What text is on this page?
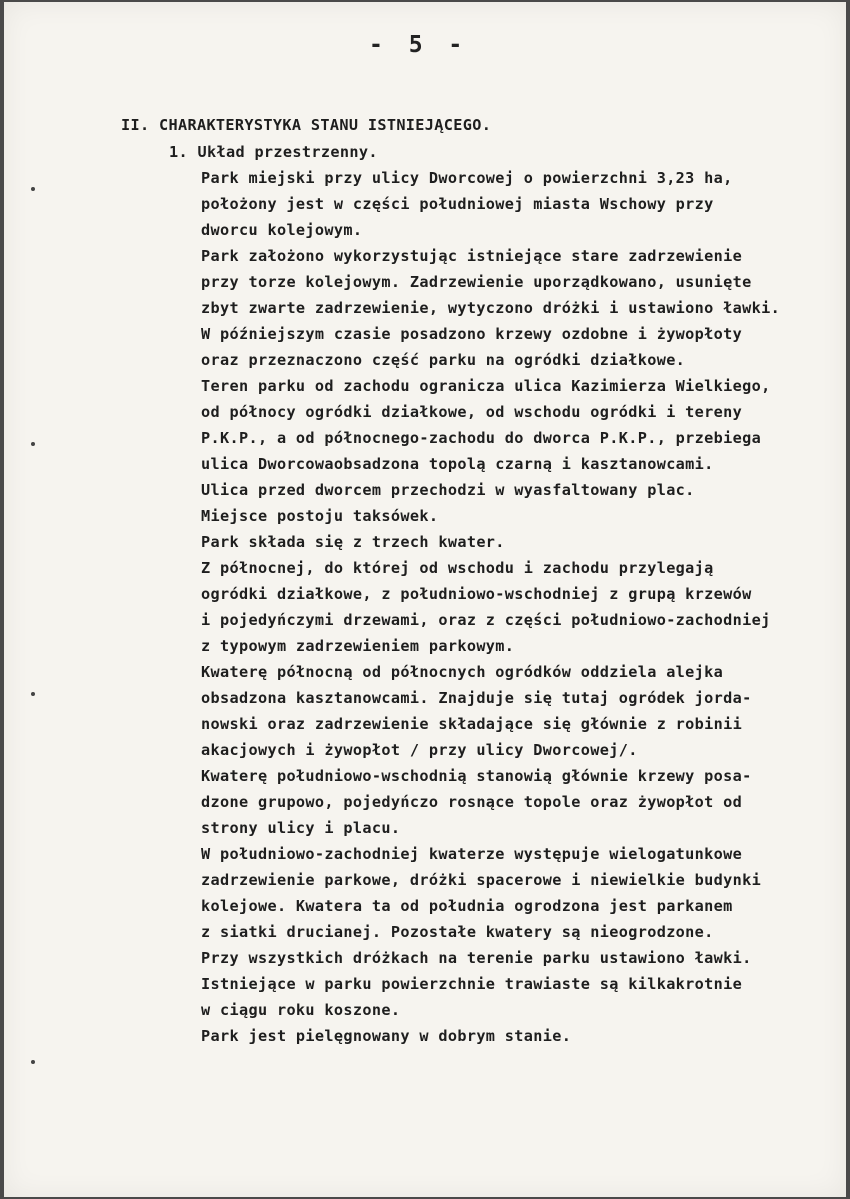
- 5 -
II. CHARAKTERYSTYKA STANU ISTNIEJĄCEGO.
1. Układ przestrzenny.
Park miejski przy ulicy Dworcowej o powierzchni 3,23 ha,
położony jest w części południowej miasta Wschowy przy
dworcu kolejowym.
Park założono wykorzystując istniejące stare zadrzewienie
przy torze kolejowym. Zadrzewienie uporządkowano, usunięte
zbyt zwarte zadrzewienie, wytyczono dróżki i ustawiono ławki.
W późniejszym czasie posadzono krzewy ozdobne i żywopłoty
oraz przeznaczono część parku na ogródki działkowe.
Teren parku od zachodu ogranicza ulica Kazimierza Wielkiego,
od północy ogródki działkowe, od wschodu ogródki i tereny
P.K.P., a od północnego-zachodu do dworca P.K.P., przebiega
ulica Dworcowaobsadzona topolą czarną i kasztanowcami.
Ulica przed dworcem przechodzi w wyasfaltowany plac.
Miejsce postoju taksówek.
Park składa się z trzech kwater.
Z północnej, do której od wschodu i zachodu przylegają
ogródki działkowe, z południowo-wschodniej z grupą krzewów
i pojedyńczymi drzewami, oraz z części południowo-zachodniej
z typowym zadrzewieniem parkowym.
Kwaterę północną od północnych ogródków oddziela alejka
obsadzona kasztanowcami. Znajduje się tutaj ogródek jorda-
nowski oraz zadrzewienie składające się głównie z robinii
akacjowych i żywopłot / przy ulicy Dworcowej/.
Kwaterę południowo-wschodnią stanowią głównie krzewy posa-
dzone grupowo, pojedyńczo rosnące topole oraz żywopłot od
strony ulicy i placu.
W południowo-zachodniej kwaterze występuje wielogatunkowe
zadrzewienie parkowe, dróżki spacerowe i niewielkie budynki
kolejowe. Kwatera ta od południa ogrodzona jest parkanem
z siatki drucianej. Pozostałe kwatery są nieogrodzone.
Przy wszystkich dróżkach na terenie parku ustawiono ławki.
Istniejące w parku powierzchnie trawiaste są kilkakrotnie
w ciągu roku koszone.
Park jest pielęgnowany w dobrym stanie.
